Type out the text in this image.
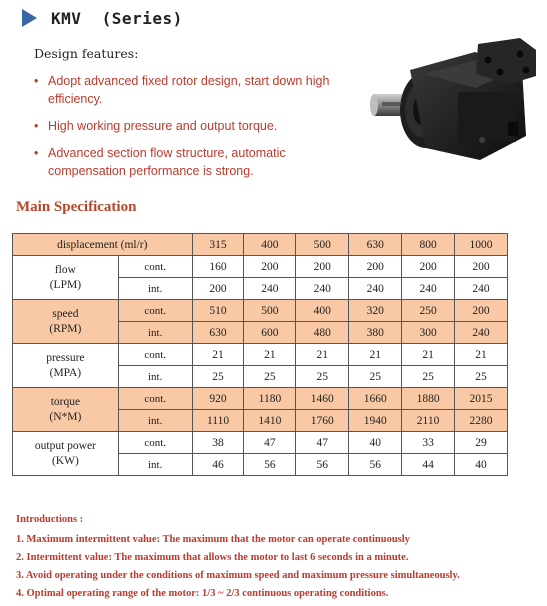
KMV  (Series)
Design features:
• Adopt advanced fixed rotor design, start down high efficiency.
• High working pressure and output torque.
• Advanced section flow structure, automatic compensation performance is strong.
Main Specification
displacement (ml/r)		315	400	500	630	800	1000
flow
(LPM)	cont.	160	200	200	200	200	200
	int.	200	240	240	240	240	240
speed
(RPM)	cont.	510	500	400	320	250	200
	int.	630	600	480	380	300	240
pressure
(MPA)	cont.	21	21	21	21	21	21
	int.	25	25	25	25	25	25
torque
(N*M)	cont.	920	1180	1460	1660	1880	2015
	int.	1110	1410	1760	1940	2110	2280
output power
(KW)	cont.	38	47	47	40	33	29
	int.	46	56	56	56	44	40
Introductions :
1. Maximum intermittent value: The maximum that the motor can operate continuously
2. Intermittent value: The maximum that allows the motor to last 6 seconds in a minute.
3. Avoid operating under the conditions of maximum speed and maximum pressure simultaneously.
4. Optimal operating range of the motor: 1/3 ~ 2/3 continuous operating conditions.
